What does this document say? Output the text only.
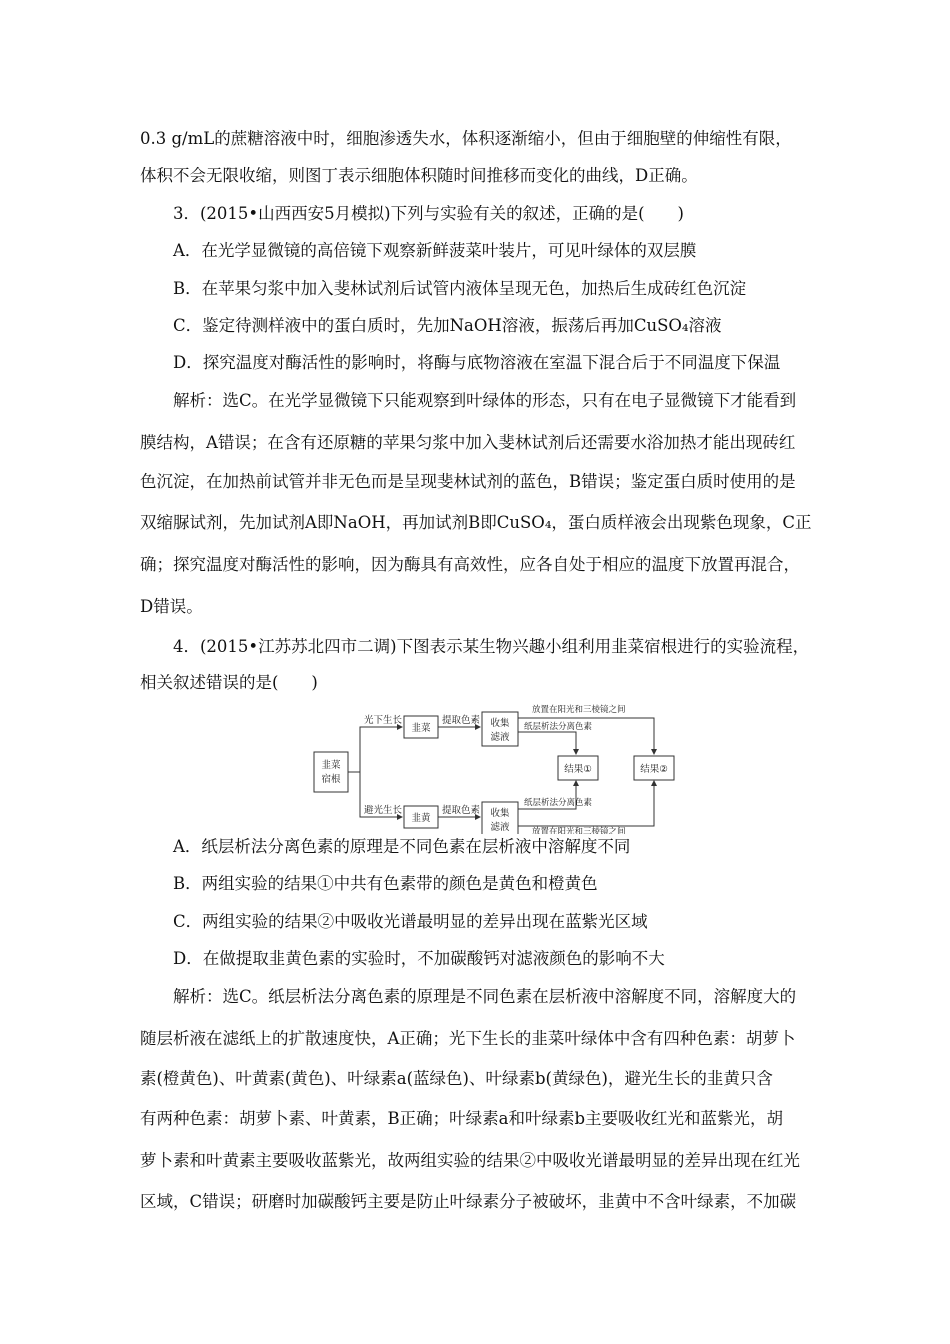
0.3 g/mL的蔗糖溶液中时，细胞渗透失水，体积逐渐缩小，但由于细胞壁的伸缩性有限，
体积不会无限收缩，则图丁表示细胞体积随时间推移而变化的曲线，D正确。
3．(2015•山西西安5月模拟)下列与实验有关的叙述，正确的是(　　)
A．在光学显微镜的高倍镜下观察新鲜菠菜叶装片，可见叶绿体的双层膜
B．在苹果匀浆中加入斐林试剂后试管内液体呈现无色，加热后生成砖红色沉淀
C．鉴定待测样液中的蛋白质时，先加NaOH溶液，振荡后再加CuSO₄溶液
D．探究温度对酶活性的影响时，将酶与底物溶液在室温下混合后于不同温度下保温
解析：选C。在光学显微镜下只能观察到叶绿体的形态，只有在电子显微镜下才能看到
膜结构，A错误；在含有还原糖的苹果匀浆中加入斐林试剂后还需要水浴加热才能出现砖红
色沉淀，在加热前试管并非无色而是呈现斐林试剂的蓝色，B错误；鉴定蛋白质时使用的是
双缩脲试剂，先加试剂A即NaOH，再加试剂B即CuSO₄，蛋白质样液会出现紫色现象，C正
确；探究温度对酶活性的影响，因为酶具有高效性，应各自处于相应的温度下放置再混合，
D错误。
4．(2015•江苏苏北四市二调)下图表示某生物兴趣小组利用韭菜宿根进行的实验流程，
相关叙述错误的是(　　)
韭菜
宿根
光下生长
避光生长
韭菜
韭黄
提取色素
提取色素
收集
滤液
收集
滤液
放置在阳光和三棱镜之间
纸层析法分离色素
纸层析法分离色素
放置在阳光和三棱镜之间
结果①	结果②
A．纸层析法分离色素的原理是不同色素在层析液中溶解度不同
B．两组实验的结果①中共有色素带的颜色是黄色和橙黄色
C．两组实验的结果②中吸收光谱最明显的差异出现在蓝紫光区域
D．在做提取韭黄色素的实验时，不加碳酸钙对滤液颜色的影响不大
解析：选C。纸层析法分离色素的原理是不同色素在层析液中溶解度不同，溶解度大的
随层析液在滤纸上的扩散速度快，A正确；光下生长的韭菜叶绿体中含有四种色素：胡萝卜
素(橙黄色)、叶黄素(黄色)、叶绿素a(蓝绿色)、叶绿素b(黄绿色)，避光生长的韭黄只含
有两种色素：胡萝卜素、叶黄素，B正确；叶绿素a和叶绿素b主要吸收红光和蓝紫光，胡
萝卜素和叶黄素主要吸收蓝紫光，故两组实验的结果②中吸收光谱最明显的差异出现在红光
区域，C错误；研磨时加碳酸钙主要是防止叶绿素分子被破坏，韭黄中不含叶绿素，不加碳
